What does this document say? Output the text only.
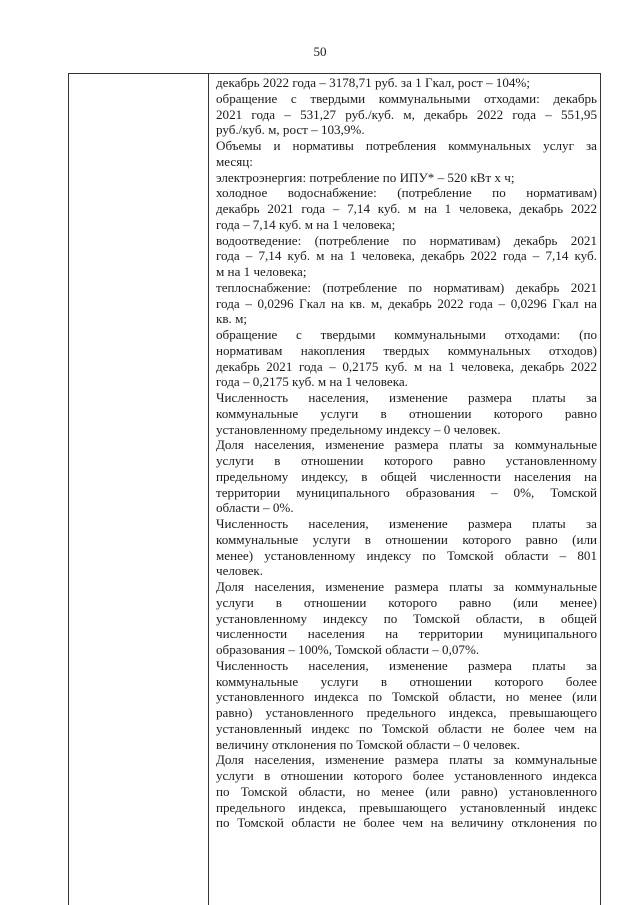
50
декабрь 2022 года – 3178,71 руб. за 1 Гкал, рост – 104%;
обращение с твердыми коммунальными отходами: декабрь
2021 года – 531,27 руб./куб. м, декабрь 2022 года – 551,95
руб./куб. м, рост – 103,9%.
Объемы и нормативы потребления коммунальных услуг за
месяц:
электроэнергия: потребление по ИПУ* – 520 кВт х ч;
холодное водоснабжение: (потребление по нормативам)
декабрь 2021 года – 7,14 куб. м на 1 человека, декабрь 2022
года – 7,14 куб. м на 1 человека;
водоотведение: (потребление по нормативам) декабрь 2021
года – 7,14 куб. м на 1 человека, декабрь 2022 года – 7,14 куб.
м на 1 человека;
теплоснабжение: (потребление по нормативам) декабрь 2021
года – 0,0296 Гкал на кв. м, декабрь 2022 года – 0,0296 Гкал на
кв. м;
обращение с твердыми коммунальными отходами: (по
нормативам накопления твердых коммунальных отходов)
декабрь 2021 года – 0,2175 куб. м на 1 человека, декабрь 2022
года – 0,2175 куб. м на 1 человека.
Численность населения, изменение размера платы за
коммунальные услуги в отношении которого равно
установленному предельному индексу – 0 человек.
Доля населения, изменение размера платы за коммунальные
услуги в отношении которого равно установленному
предельному индексу, в общей численности населения на
территории муниципального образования – 0%, Томской
области – 0%.
Численность населения, изменение размера платы за
коммунальные услуги в отношении которого равно (или
менее) установленному индексу по Томской области – 801
человек.
Доля населения, изменение размера платы за коммунальные
услуги в отношении которого равно (или менее)
установленному индексу по Томской области, в общей
численности населения на территории муниципального
образования – 100%, Томской области – 0,07%.
Численность населения, изменение размера платы за
коммунальные услуги в отношении которого более
установленного индекса по Томской области, но менее (или
равно) установленного предельного индекса, превышающего
установленный индекс по Томской области не более чем на
величину отклонения по Томской области – 0 человек.
Доля населения, изменение размера платы за коммунальные
услуги в отношении которого более установленного индекса
по Томской области, но менее (или равно) установленного
предельного индекса, превышающего установленный индекс
по Томской области не более чем на величину отклонения по
